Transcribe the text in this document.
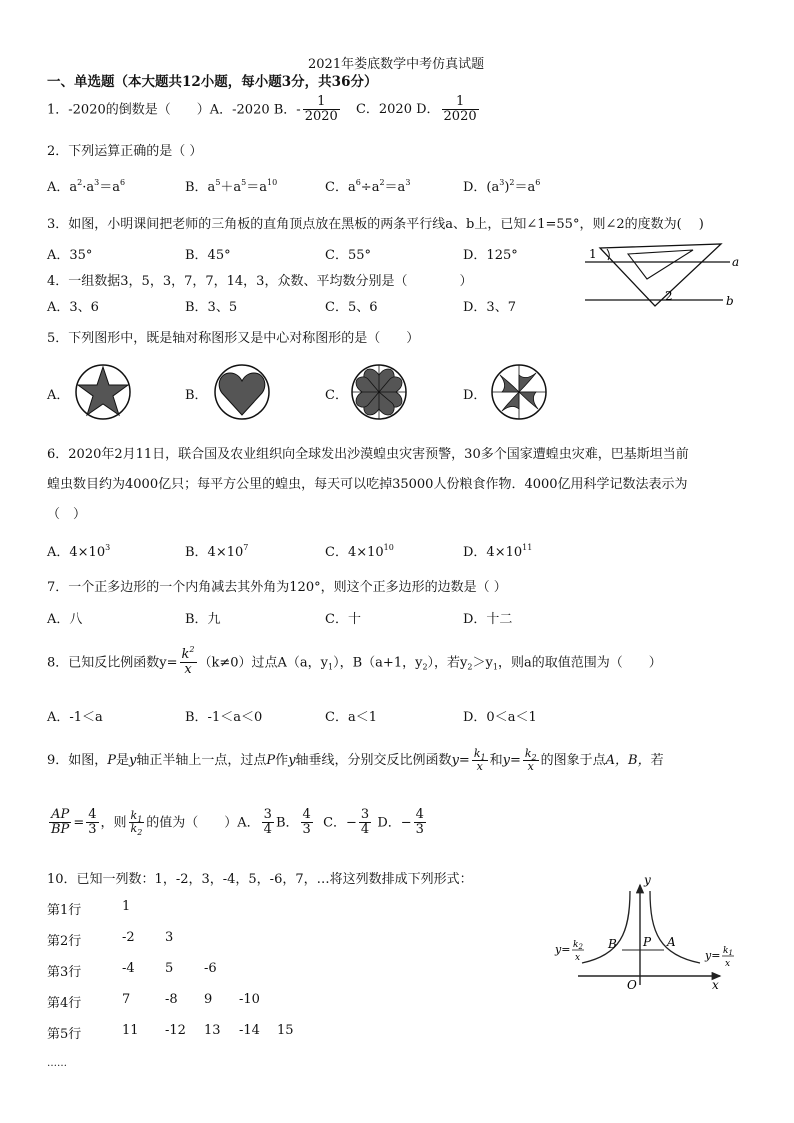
2021年娄底数学中考仿真试题
一、单选题（本大题共12小题，每小题3分，共36分）
1．-2020的倒数是（　　）A．-2020 B．- $\frac{1}{2020}$ C．2020 D． $\frac{1}{2020}$
2．下列运算正确的是（ ）
A．$a^2\cdot a^3=a^6$	B．$a^5+a^5=a^{10}$	C．$a^6\div a^2=a^3$	D．$(a^3)^2=a^6$
3．如图，小明课间把老师的三角板的直角顶点放在黑板的两条平行线a、b上，已知∠1=55°，则∠2的度数为(　 )
A．35°	B．45°	C．55°	D．125°	1
2
a
b
4．一组数据3，5，3，7，7，14，3，众数、平均数分别是（　　　　）
A．3、6	B．3、5	C．5、6	D．3、7
5．下列图形中，既是轴对称图形又是中心对称图形的是（　　）
A．	B．	C．	D．
6．2020年2月11日，联合国及农业组织向全球发出沙漠蝗虫灾害预警，30多个国家遭蝗虫灾难，巴基斯坦当前
蝗虫数目约为4000亿只；每平方公里的蝗虫，每天可以吃掉35000人份粮食作物．4000亿用科学记数法表示为
（　）
A．$4\times 10^3$	B．$4\times 10^7$	C．$4\times 10^{10}$	D．$4\times 10^{11}$
7．一个正多边形的一个内角减去其外角为120°，则这个正多边形的边数是（ ）
A．八	B．九	C．十	D．十二
8．已知反比例函数$y= \frac{k^2}{x} (k\ne 0)$过点A（a，$y_1$），B（a+1，$y_2$），若$y_2>y_1$，则a的取值范围为（　　）
A．-1＜a	B．-1＜a＜0	C．a＜1	D．0＜a＜1
9．如图，P是y轴正半轴上一点，过点P作y轴垂线，分别交反比例函数$y= \frac{k_1}{x}$ 和$y= \frac{k_2}{x}$ 的图象于点A，B，若
$\frac{AP}{BP} = \frac{4}{3}$ ，则 $\frac{k_1}{k_2}$ 的值为（　　）A． $\frac{3}{4}$ B． $\frac{4}{3}$ C．− $\frac{3}{4}$ D．− $\frac{4}{3}$
10．已知一列数：1，-2，3，-4，5，-6，7，…将这列数排成下列形式：
第1行	1
第2行	-2 3
第3行	-4 5 -6
第4行	7	-8 9 -10
第5行	11 -12 13 -14 15
……
y
x
O
B P A
$y= k_2$
x	$y= k_1$
x
